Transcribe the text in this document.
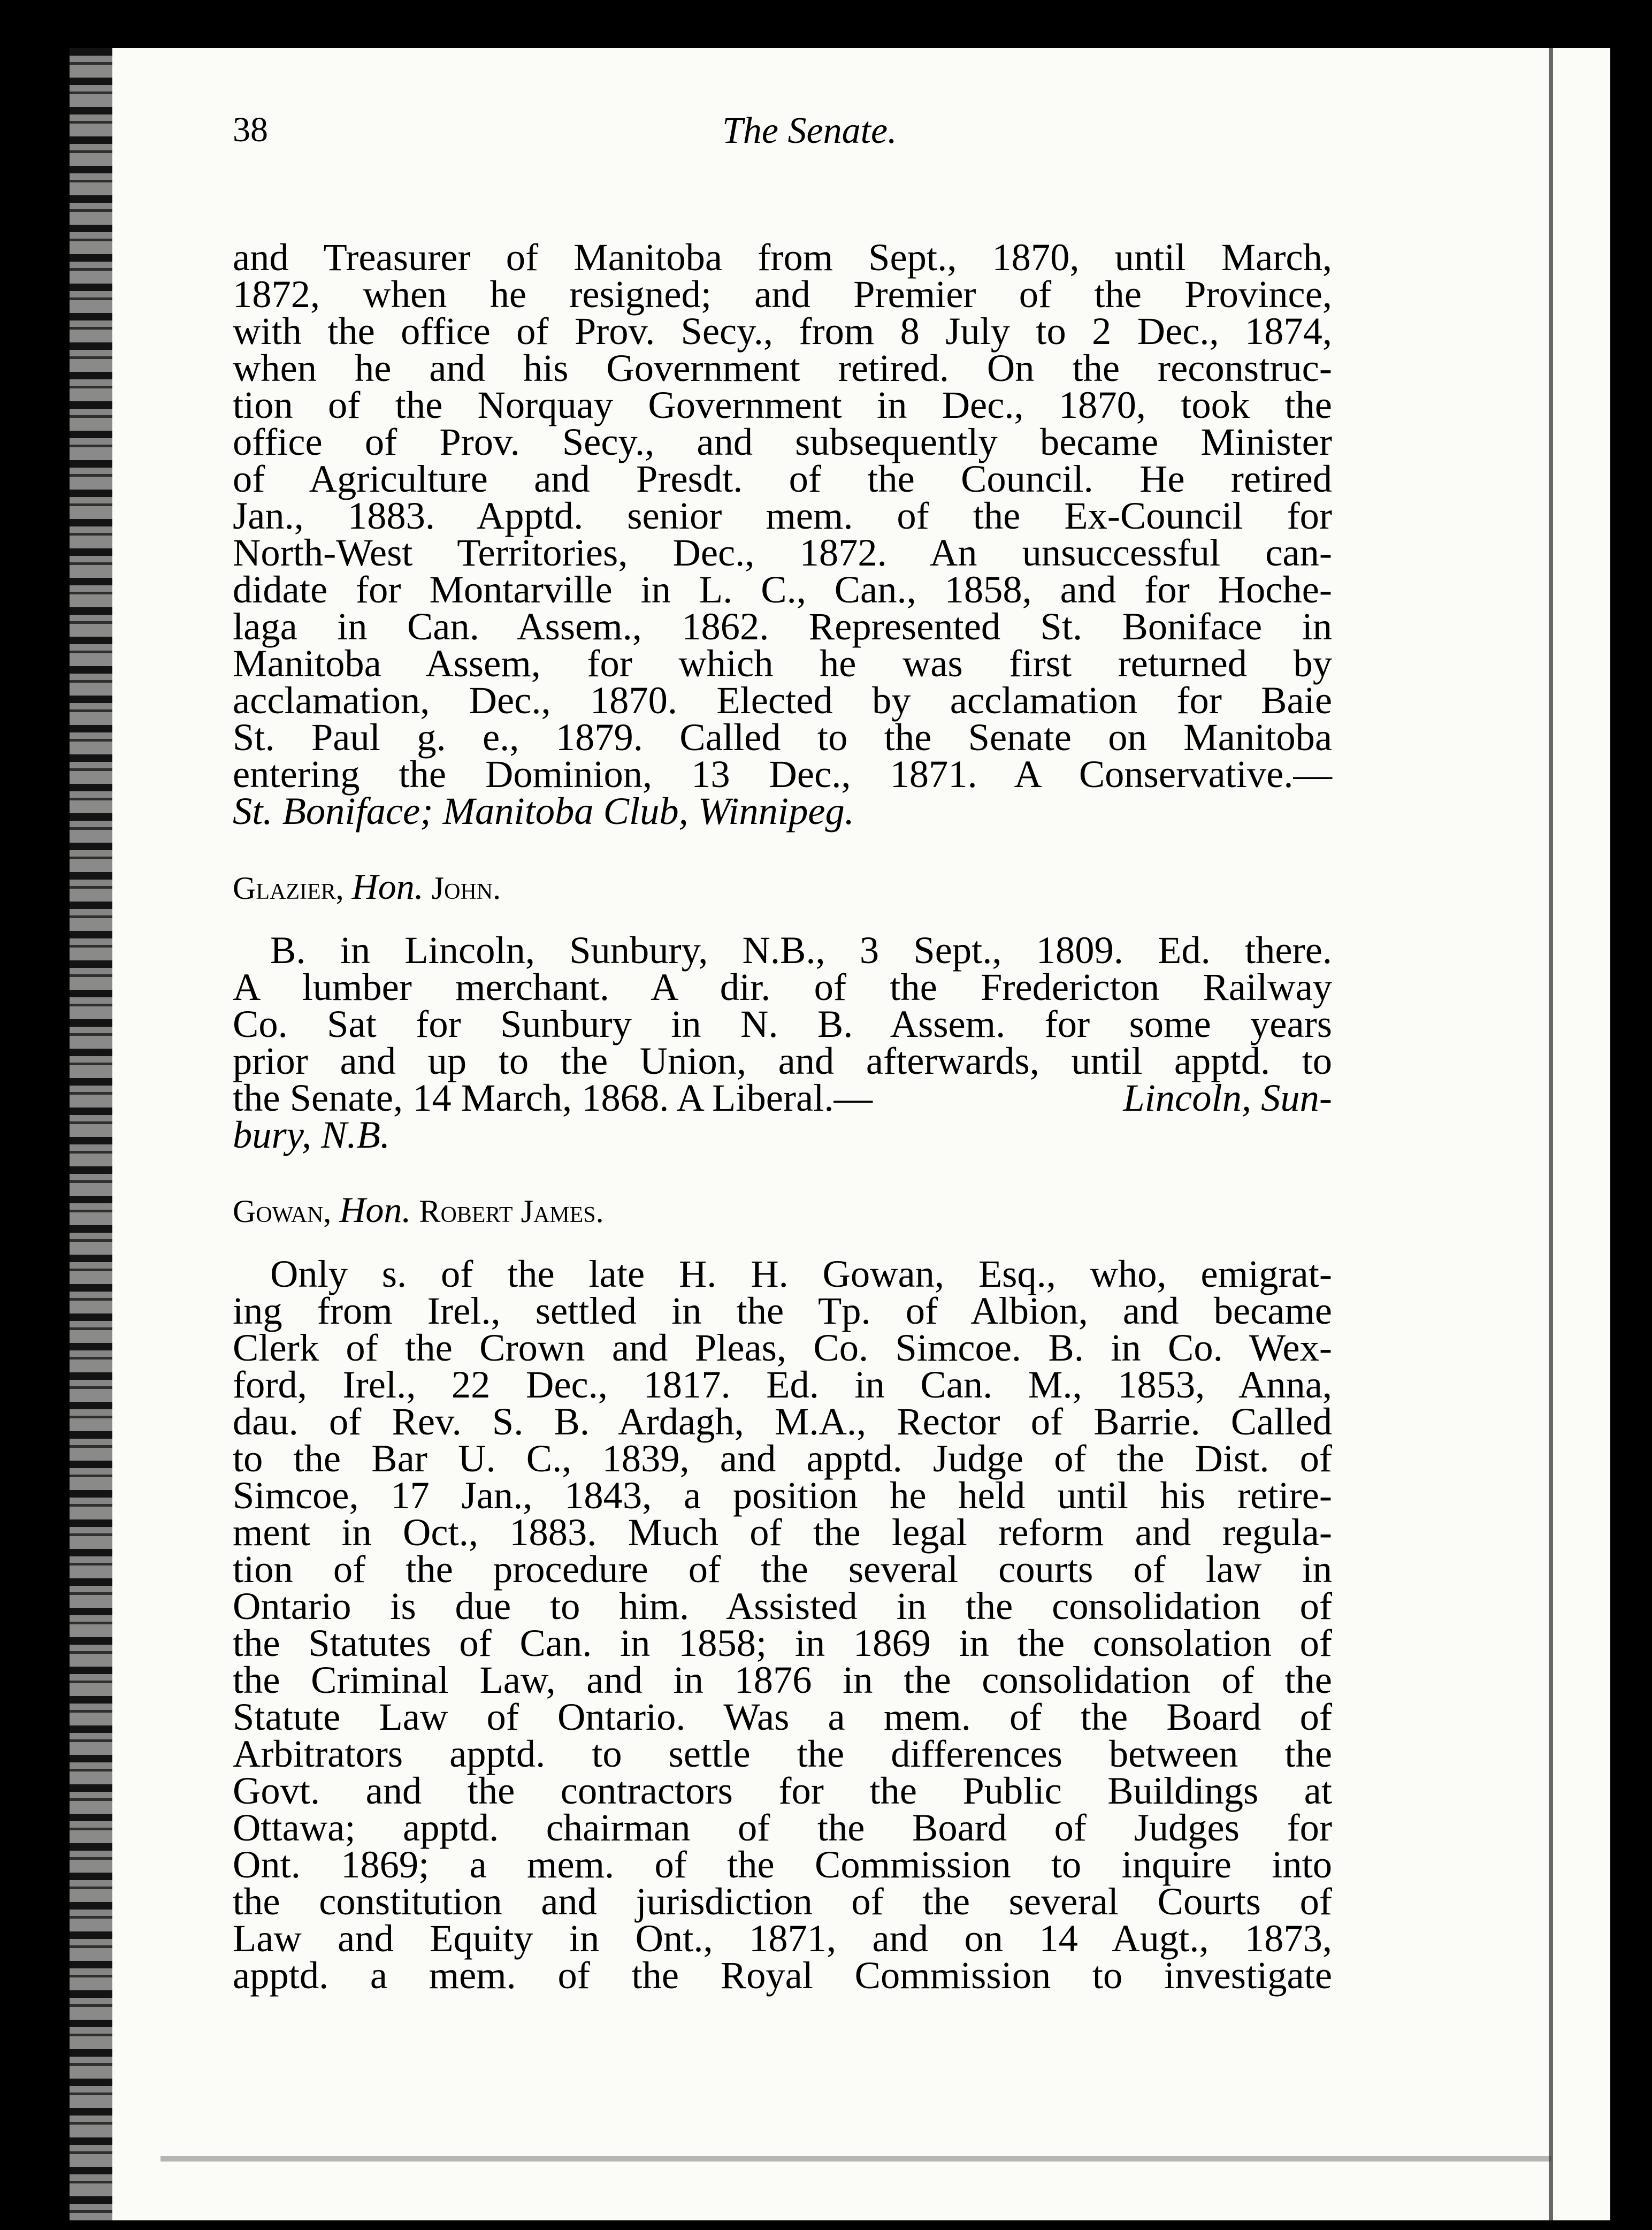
38	The Senate.
and Treasurer of Manitoba from Sept., 1870, until March,
1872, when he resigned; and Premier of the Province,
with the office of Prov. Secy., from 8 July to 2 Dec., 1874,
when he and his Government retired. On the reconstruc-
tion of the Norquay Government in Dec., 1870, took the
office of Prov. Secy., and subsequently became Minister
of Agriculture and Presdt. of the Council. He retired
Jan., 1883. Apptd. senior mem. of the Ex-Council for
North-West Territories, Dec., 1872. An unsuccessful can-
didate for Montarville in L. C., Can., 1858, and for Hoche-
laga in Can. Assem., 1862. Represented St. Boniface in
Manitoba Assem, for which he was first returned by
acclamation, Dec., 1870. Elected by acclamation for Baie
St. Paul g. e., 1879. Called to the Senate on Manitoba
entering the Dominion, 13 Dec., 1871. A Conservative.—
St. Boniface; Manitoba Club, Winnipeg.
Glazier, Hon. John.
B. in Lincoln, Sunbury, N.B., 3 Sept., 1809. Ed. there.
A lumber merchant. A dir. of the Fredericton Railway
Co. Sat for Sunbury in N. B. Assem. for some years
prior and up to the Union, and afterwards, until apptd. to
the Senate, 14 March, 1868. A Liberal.—	Lincoln, Sun-
bury, N.B.
Gowan, Hon. Robert James.
Only s. of the late H. H. Gowan, Esq., who, emigrat-
ing from Irel., settled in the Tp. of Albion, and became
Clerk of the Crown and Pleas, Co. Simcoe. B. in Co. Wex-
ford, Irel., 22 Dec., 1817. Ed. in Can. M., 1853, Anna,
dau. of Rev. S. B. Ardagh, M.A., Rector of Barrie. Called
to the Bar U. C., 1839, and apptd. Judge of the Dist. of
Simcoe, 17 Jan., 1843, a position he held until his retire-
ment in Oct., 1883. Much of the legal reform and regula-
tion of the procedure of the several courts of law in
Ontario is due to him. Assisted in the consolidation of
the Statutes of Can. in 1858; in 1869 in the consolation of
the Criminal Law, and in 1876 in the consolidation of the
Statute Law of Ontario. Was a mem. of the Board of
Arbitrators apptd. to settle the differences between the
Govt. and the contractors for the Public Buildings at
Ottawa; apptd. chairman of the Board of Judges for
Ont. 1869; a mem. of the Commission to inquire into
the constitution and jurisdiction of the several Courts of
Law and Equity in Ont., 1871, and on 14 Augt., 1873,
apptd. a mem. of the Royal Commission to investigate
